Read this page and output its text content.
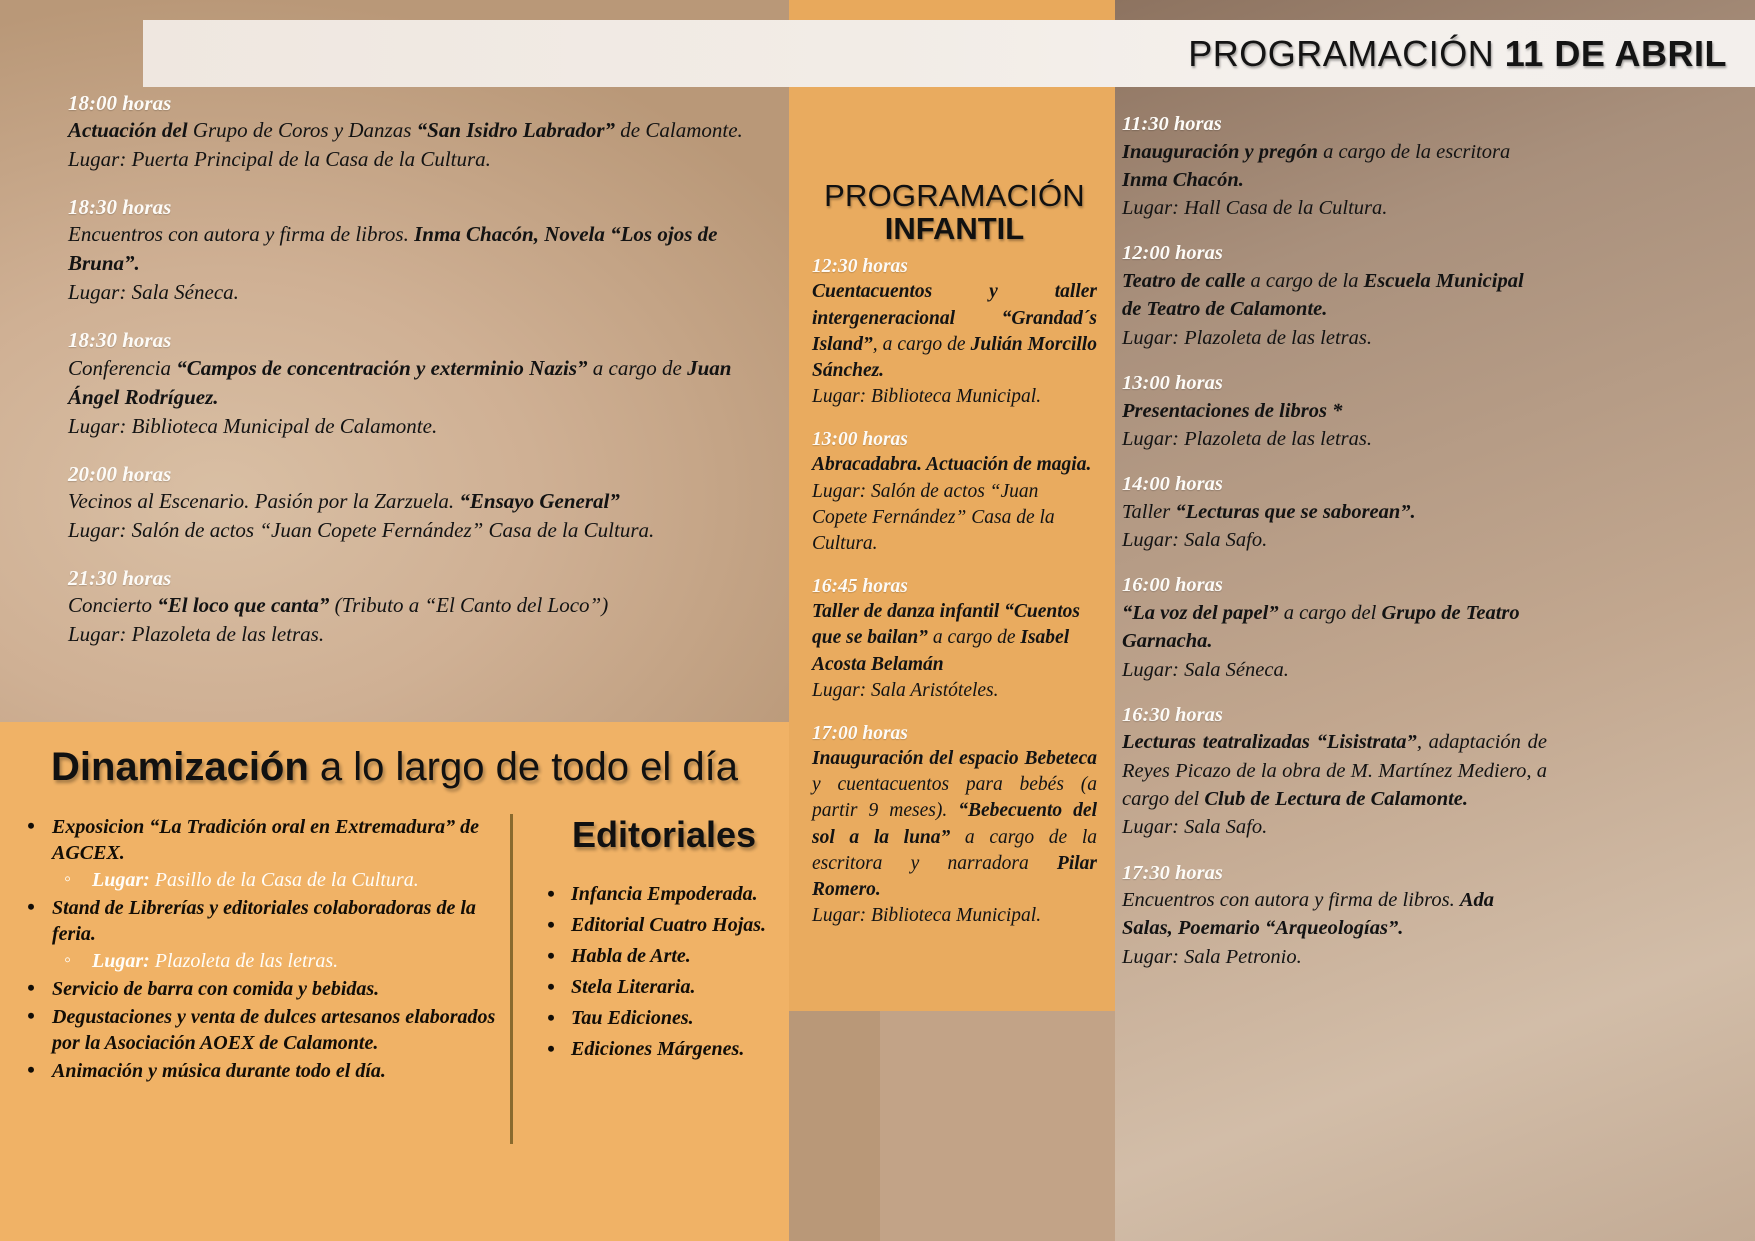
PROGRAMACIÓN 11 DE ABRIL
18:00 horas
Actuación del Grupo de Coros y Danzas “San Isidro Labrador” de Calamonte.
Lugar: Puerta Principal de la Casa de la Cultura.
18:30 horas
Encuentros con autora y firma de libros. Inma Chacón, Novela “Los ojos de Bruna”.
Lugar: Sala Séneca.
18:30 horas
Conferencia “Campos de concentración y exterminio Nazis” a cargo de Juan Ángel Rodríguez.
Lugar: Biblioteca Municipal de Calamonte.
20:00 horas
Vecinos al Escenario. Pasión por la Zarzuela. “Ensayo General”
Lugar: Salón de actos “Juan Copete Fernández” Casa de la Cultura.
21:30 horas
Concierto “El loco que canta” (Tributo a “El Canto del Loco”)
Lugar: Plazoleta de las letras.
PROGRAMACIÓN
INFANTIL
12:30 horas
Cuentacuentos y taller intergeneracional “Grandad´s Island”, a cargo de Julián Morcillo Sánchez.
Lugar: Biblioteca Municipal.
13:00 horas
Abracadabra. Actuación de magia.
Lugar: Salón de actos “Juan Copete Fernández” Casa de la Cultura.
16:45 horas
Taller de danza infantil “Cuentos que se bailan” a cargo de Isabel Acosta Belamán
Lugar: Sala Aristóteles.
17:00 horas
Inauguración del espacio Bebeteca y cuentacuentos para bebés (a partir 9 meses). “Bebecuento del sol a la luna” a cargo de la escritora y narradora Pilar Romero.
Lugar: Biblioteca Municipal.
11:30 horas
Inauguración y pregón a cargo de la escritora Inma Chacón.
Lugar: Hall Casa de la Cultura.
12:00 horas
Teatro de calle a cargo de la Escuela Municipal de Teatro de Calamonte.
Lugar: Plazoleta de las letras.
13:00 horas
Presentaciones de libros *
Lugar: Plazoleta de las letras.
14:00 horas
Taller “Lecturas que se saborean”.
Lugar: Sala Safo.
16:00 horas
“La voz del papel” a cargo del Grupo de Teatro Garnacha.
Lugar: Sala Séneca.
16:30 horas
Lecturas teatralizadas “Lisistrata”, adaptación de Reyes Picazo de la obra de M. Martínez Mediero, a cargo del Club de Lectura de Calamonte.
Lugar: Sala Safo.
17:30 horas
Encuentros con autora y firma de libros. Ada Salas, Poemario “Arqueologías”.
Lugar: Sala Petronio.
Dinamización a lo largo de todo el día
• Exposicion “La Tradición oral en Extremadura” de AGCEX.
◦ Lugar: Pasillo de la Casa de la Cultura.
• Stand de Librerías y editoriales colaboradoras de la feria.
◦ Lugar: Plazoleta de las letras.
• Servicio de barra con comida y bebidas.
• Degustaciones y venta de dulces artesanos elaborados por la Asociación AOEX de Calamonte.
• Animación y música durante todo el día.
Editoriales
• Infancia Empoderada.
• Editorial Cuatro Hojas.
• Habla de Arte.
• Stela Literaria.
• Tau Ediciones.
• Ediciones Márgenes.
